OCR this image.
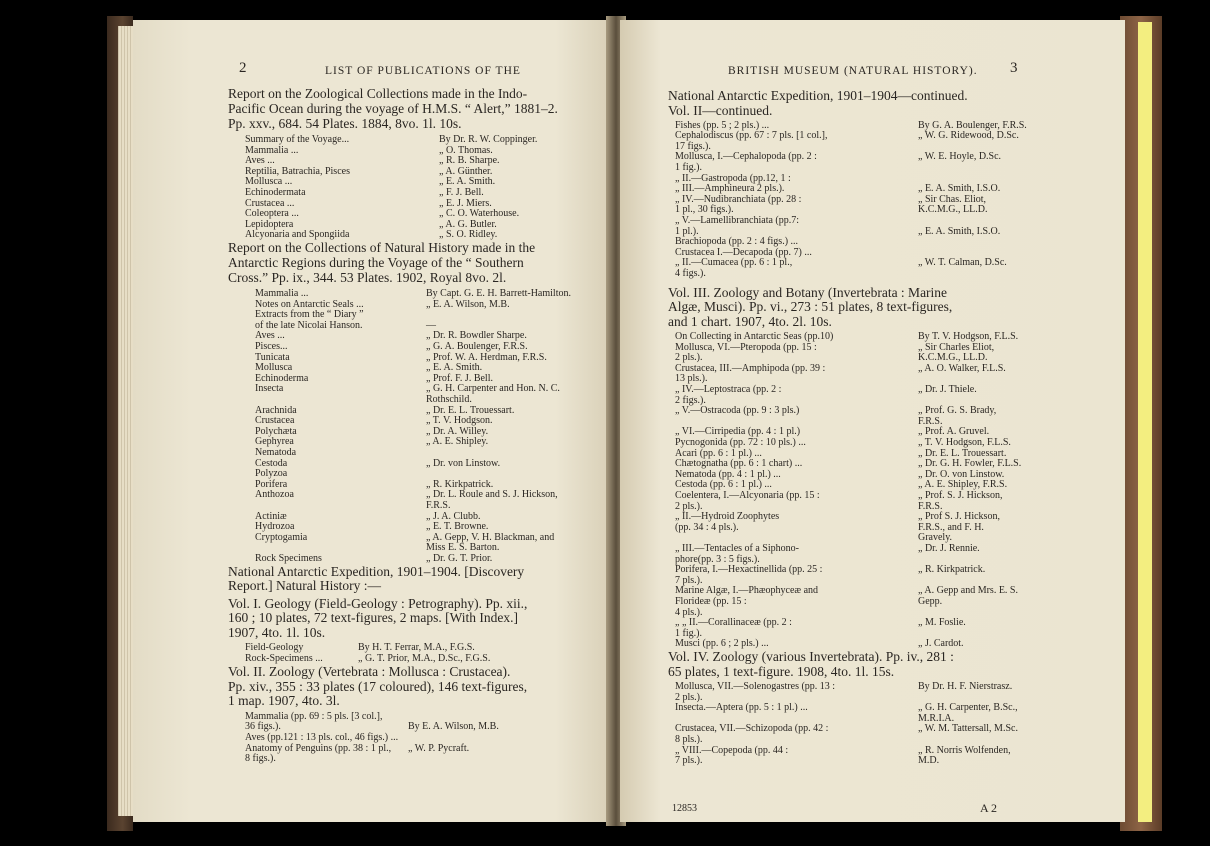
2	LIST OF PUBLICATIONS OF THE
Report on the Zoological Collections made in the Indo-
Pacific Ocean during the voyage of H.M.S. “ Alert,” 1881–2.
Pp. xxv., 684. 54 Plates. 1884, 8vo. 1l. 10s.
Summary of the Voyage...	By Dr. R. W. Coppinger.
Mammalia ...	„ O. Thomas.
Aves ...	„ R. B. Sharpe.
Reptilia, Batrachia, Pisces	„ A. Günther.
Mollusca ...	„ E. A. Smith.
Echinodermata	„ F. J. Bell.
Crustacea ...	„ E. J. Miers.
Coleoptera ...	„ C. O. Waterhouse.
Lepidoptera	„ A. G. Butler.
Alcyonaria and Spongiida	„ S. O. Ridley.
Report on the Collections of Natural History made in the
Antarctic Regions during the Voyage of the “ Southern
Cross.” Pp. ix., 344. 53 Plates. 1902, Royal 8vo. 2l.
Mammalia ...	By Capt. G. E. H. Barrett-Hamilton.
Notes on Antarctic Seals ...	„ E. A. Wilson, M.B.
Extracts from the “ Diary ”
of the late Nicolai Hanson.	—
Aves ...	„ Dr. R. Bowdler Sharpe.
Pisces...	„ G. A. Boulenger, F.R.S.
Tunicata	„ Prof. W. A. Herdman, F.R.S.
Mollusca	„ E. A. Smith.
Echinoderma	„ Prof. F. J. Bell.
Insecta	„ G. H. Carpenter and Hon. N. C.
Rothschild.
Arachnida	„ Dr. E. L. Trouessart.
Crustacea	„ T. V. Hodgson.
Polychæta	„ Dr. A. Willey.
Gephyrea	„ A. E. Shipley.
Nematoda
Cestoda	„ Dr. von Linstow.
Polyzoa
Porifera	„ R. Kirkpatrick.
Anthozoa	„ Dr. L. Roule and S. J. Hickson,
F.R.S.
Actiniæ	„ J. A. Clubb.
Hydrozoa	„ E. T. Browne.
Cryptogamia	„ A. Gepp, V. H. Blackman, and
Miss E. S. Barton.
Rock Specimens	„ Dr. G. T. Prior.
National Antarctic Expedition, 1901–1904. [Discovery
Report.] Natural History :—
Vol. I. Geology (Field-Geology : Petrography). Pp. xii.,
160 ; 10 plates, 72 text-figures, 2 maps. [With Index.]
1907, 4to. 1l. 10s.
Field-Geology	By H. T. Ferrar, M.A., F.G.S.
Rock-Specimens ...	„ G. T. Prior, M.A., D.Sc., F.G.S.
Vol. II. Zoology (Vertebrata : Mollusca : Crustacea).
Pp. xiv., 355 : 33 plates (17 coloured), 146 text-figures,
1 map. 1907, 4to. 3l.
Mammalia (pp. 69 : 5 pls. [3 col.],
36 figs.).	By E. A. Wilson, M.B.
Aves (pp.121 : 13 pls. col., 46 figs.) ...
Anatomy of Penguins (pp. 38 : 1 pl., „ W. P. Pycraft.
8 figs.).
BRITISH MUSEUM (NATURAL HISTORY). 3
National Antarctic Expedition, 1901–1904—continued.
Vol. II—continued.
Fishes (pp. 5 ; 2 pls.) ...	By G. A. Boulenger, F.R.S.
Cephalodiscus (pp. 67 : 7 pls. [1 col.],	„ W. G. Ridewood, D.Sc.
17 figs.).
Mollusca, I.—Cephalopoda (pp. 2 :	„ W. E. Hoyle, D.Sc.
1 fig.).
„ II.—Gastropoda (pp.12, 1 :
„ III.—Amphineura 2 pls.).	„ E. A. Smith, I.S.O.
„ IV.—Nudibranchiata (pp. 28 :	„ Sir Chas. Eliot,
1 pl., 30 figs.).	K.C.M.G., LL.D.
„ V.—Lamellibranchiata (pp.7:
1 pl.).	„ E. A. Smith, I.S.O.
Brachiopoda (pp. 2 : 4 figs.) ...
Crustacea I.—Decapoda (pp. 7) ...
„ II.—Cumacea (pp. 6 : 1 pl.,	„ W. T. Calman, D.Sc.
4 figs.).
Vol. III. Zoology and Botany (Invertebrata : Marine
Algæ, Musci). Pp. vi., 273 : 51 plates, 8 text-figures,
and 1 chart. 1907, 4to. 2l. 10s.
On Collecting in Antarctic Seas (pp.10)	By T. V. Hodgson, F.L.S.
Mollusca, VI.—Pteropoda (pp. 15 :	„ Sir Charles Eliot,
2 pls.).	K.C.M.G., LL.D.
Crustacea, III.—Amphipoda (pp. 39 :	„ A. O. Walker, F.L.S.
13 pls.).
„ IV.—Leptostraca (pp. 2 :	„ Dr. J. Thiele.
2 figs.).
„ V.—Ostracoda (pp. 9 : 3 pls.)	„ Prof. G. S. Brady,
F.R.S.
„ VI.—Cirripedia (pp. 4 : 1 pl.)	„ Prof. A. Gruvel.
Pycnogonida (pp. 72 : 10 pls.) ...	„ T. V. Hodgson, F.L.S.
Acari (pp. 6 : 1 pl.) ...	„ Dr. E. L. Trouessart.
Chætognatha (pp. 6 : 1 chart) ...	„ Dr. G. H. Fowler, F.L.S.
Nematoda (pp. 4 : 1 pl.) ...	„ Dr. O. von Linstow.
Cestoda (pp. 6 : 1 pl.) ...	„ A. E. Shipley, F.R.S.
Coelentera, I.—Alcyonaria (pp. 15 :	„ Prof. S. J. Hickson,
2 pls.).	F.R.S.
„ II.—Hydroid Zoophytes	„ Prof S. J. Hickson,
(pp. 34 : 4 pls.).	F.R.S., and F. H.
Gravely.
„ III.—Tentacles of a Siphono-	„ Dr. J. Rennie.
phore(pp. 3 : 5 figs.).
Porifera, I.—Hexactinellida (pp. 25 :	„ R. Kirkpatrick.
7 pls.).
Marine Algæ, I.—Phæophyceæ and	„ A. Gepp and Mrs. E. S.
Florideæ (pp. 15 :	Gepp.
4 pls.).
„ „ II.—Corallinaceæ (pp. 2 :	„ M. Foslie.
1 fig.).
Musci (pp. 6 ; 2 pls.) ...	„ J. Cardot.
Vol. IV. Zoology (various Invertebrata). Pp. iv., 281 :
65 plates, 1 text-figure. 1908, 4to. 1l. 15s.
Mollusca, VII.—Solenogastres (pp. 13 :	By Dr. H. F. Nierstrasz.
2 pls.).
Insecta.—Aptera (pp. 5 : 1 pl.) ...	„ G. H. Carpenter, B.Sc.,
M.R.I.A.
Crustacea, VII.—Schizopoda (pp. 42 :	„ W. M. Tattersall, M.Sc.
8 pls.).
„ VIII.—Copepoda (pp. 44 :	„ R. Norris Wolfenden,
7 pls.).	M.D.
12853	A 2
